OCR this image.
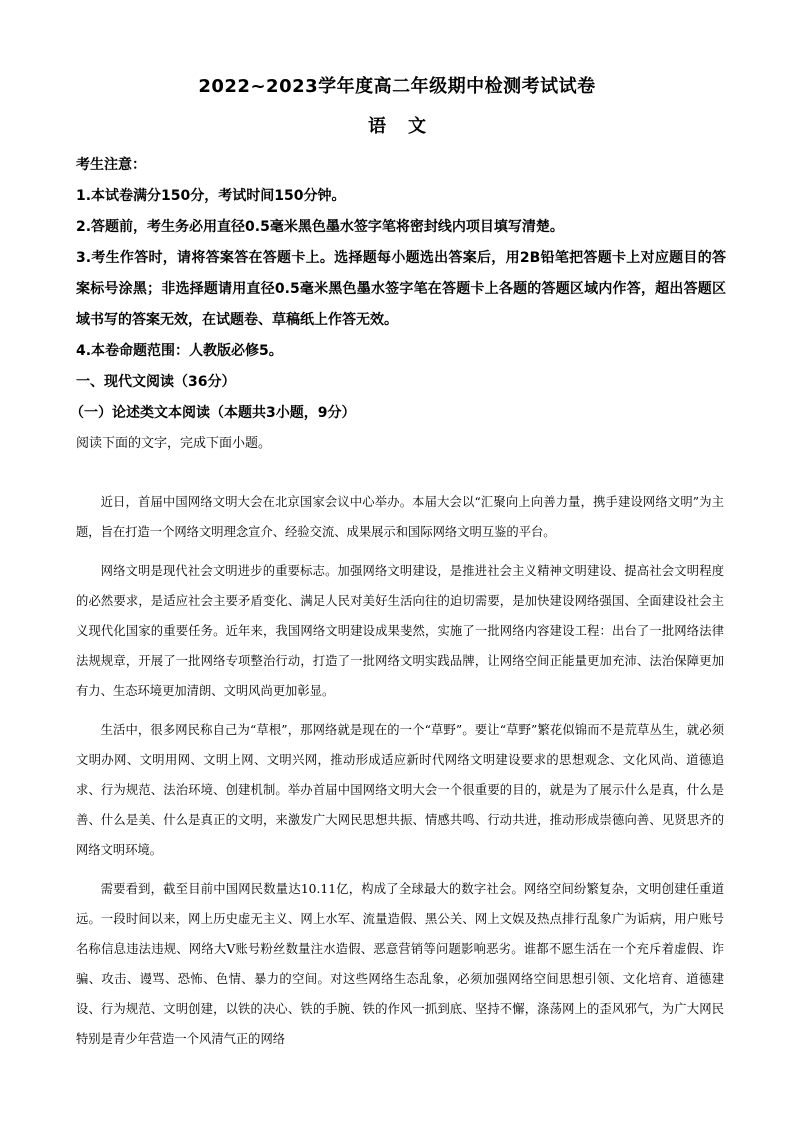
2022~2023学年度高二年级期中检测考试试卷
语文

考生注意：

1.本试卷满分150分，考试时间150分钟。

2.答题前，考生务必用直径0.5毫米黑色墨水签字笔将密封线内项目填写清楚。

3.考生作答时，请将答案答在答题卡上。选择题每小题选出答案后，用2B铅笔把答题卡上对应题目的答案标号涂黑；非选择题请用直径0.5毫米黑色墨水签字笔在答题卡上各题的答题区域内作答，超出答题区域书写的答案无效，在试题卷、草稿纸上作答无效。

4.本卷命题范围：人教版必修5。

一、现代文阅读（36分）

（一）论述类文本阅读（本题共3小题，9分）

阅读下面的文字，完成下面小题。

近日，首届中国网络文明大会在北京国家会议中心举办。本届大会以“汇聚向上向善力量，携手建设网络文明”为主题，旨在打造一个网络文明理念宣介、经验交流、成果展示和国际网络文明互鉴的平台。

网络文明是现代社会文明进步的重要标志。加强网络文明建设，是推进社会主义精神文明建设、提高社会文明程度的必然要求，是适应社会主要矛盾变化、满足人民对美好生活向往的迫切需要，是加快建设网络强国、全面建设社会主义现代化国家的重要任务。近年来，我国网络文明建设成果斐然，实施了一批网络内容建设工程：出台了一批网络法律法规规章，开展了一批网络专项整治行动，打造了一批网络文明实践品牌，让网络空间正能量更加充沛、法治保障更加有力、生态环境更加清朗、文明风尚更加彰显。

生活中，很多网民称自己为“草根”，那网络就是现在的一个“草野”。要让“草野”繁花似锦而不是荒草丛生，就必须文明办网、文明用网、文明上网、文明兴网，推动形成适应新时代网络文明建设要求的思想观念、文化风尚、道德追求、行为规范、法治环境、创建机制。举办首届中国网络文明大会一个很重要的目的，就是为了展示什么是真，什么是善、什么是美、什么是真正的文明，来激发广大网民思想共振、情感共鸣、行动共进，推动形成崇德向善、见贤思齐的网络文明环境。

需要看到，截至目前中国网民数量达10.11亿，构成了全球最大的数字社会。网络空间纷繁复杂，文明创建任重道远。一段时间以来，网上历史虚无主义、网上水军、流量造假、黑公关、网上文娱及热点排行乱象广为诟病，用户账号名称信息违法违规、网络大V账号粉丝数量注水造假、恶意营销等问题影响恶劣。谁都不愿生活在一个充斥着虚假、诈骗、攻击、谩骂、恐怖、色情、暴力的空间。对这些网络生态乱象，必须加强网络空间思想引领、文化培育、道德建设、行为规范、文明创建，以铁的决心、铁的手腕、铁的作风一抓到底、坚持不懈，涤荡网上的歪风邪气，为广大网民特别是青少年营造一个风清气正的网络
